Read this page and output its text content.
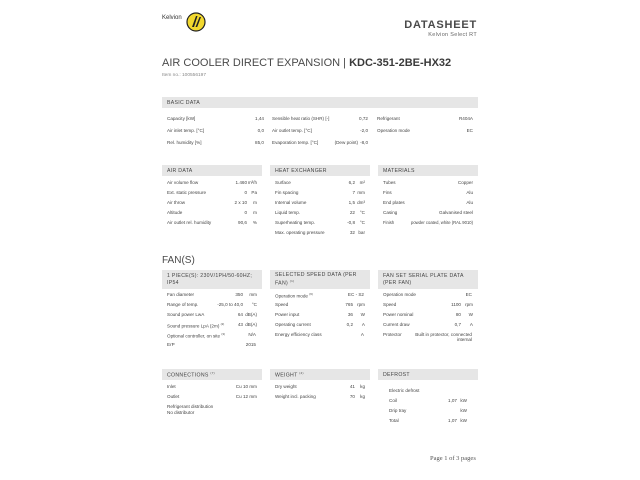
Kelvion
DATASHEET
Kelvion Select RT
AIR COOLER DIRECT EXPANSION | KDC-351-2BE-HX32
Item no.: 100556197
BASIC DATA
Capacity [kW]	1,44
Air inlet temp. [°C]	0,0
Rel. humidity [%]	85,0
Sensible heat ratio (SHR) [-]	0,72
Air outlet temp. [°C]	-2,0
Evaporation temp. [°C]	(Dew point) -8,0
Refrigerant	R404A
Operation mode	EC
AIR DATA
Air volume flow	1.460 m³/h
Ext. static pressure	0 Pa
Air throw	2 x 10	m
Altitude	0	m
Air outlet rel. humidity	90,6	%
HEAT EXCHANGER
Surface	6,2	m²
Fin spacing	7 mm
Internal volume	1,5 dm³
Liquid temp.	22	°C
Superheating temp.	-0,8	°C
Max. operating pressure	32 bar
MATERIALS
Tubes	Copper
Fins	Alu
End plates	Alu
Casing	Galvanised steel
Finish	powder coated, white (RAL 9010)
FAN(S)
1 PIECE(S): 230V/1PH/50-60HZ; IP54
Fan diameter	350	mm
Range of temp.	-25,0 to 40,0	°C
Sound power LwA	64 dB(A)
Sound pressure LpA (2m) $^{(2)}$	43 dB(A)
Optional controller, on site $^{(3)}$	N/A
ErP	2015
SELECTED SPEED DATA (PER FAN) $^{(1)}$
Operation mode $^{(6)}$	EC - S2
Speed	765 rpm
Power input	36	W
Operating current	0,2	A
Energy efficiency class	A
FAN SET SERIAL PLATE DATA (PER FAN)
Operation mode	EC
Speed	1100 rpm
Power nominal	80	W
Current draw	0,7	A
Protector	Built in protector, connected internal
CONNECTIONS $^{(7)}$
Inlet	Cu 10 mm
Outlet	Cu 12 mm
Refrigerant distribution
No distributor
WEIGHT $^{(4)}$
Dry weight	41	kg
Weight incl. packing	70	kg
DEFROST
Electric defrost
Coil	1,07 kW
Drip tray	kW
Total	1,07 kW
Page 1 of 3 pages
